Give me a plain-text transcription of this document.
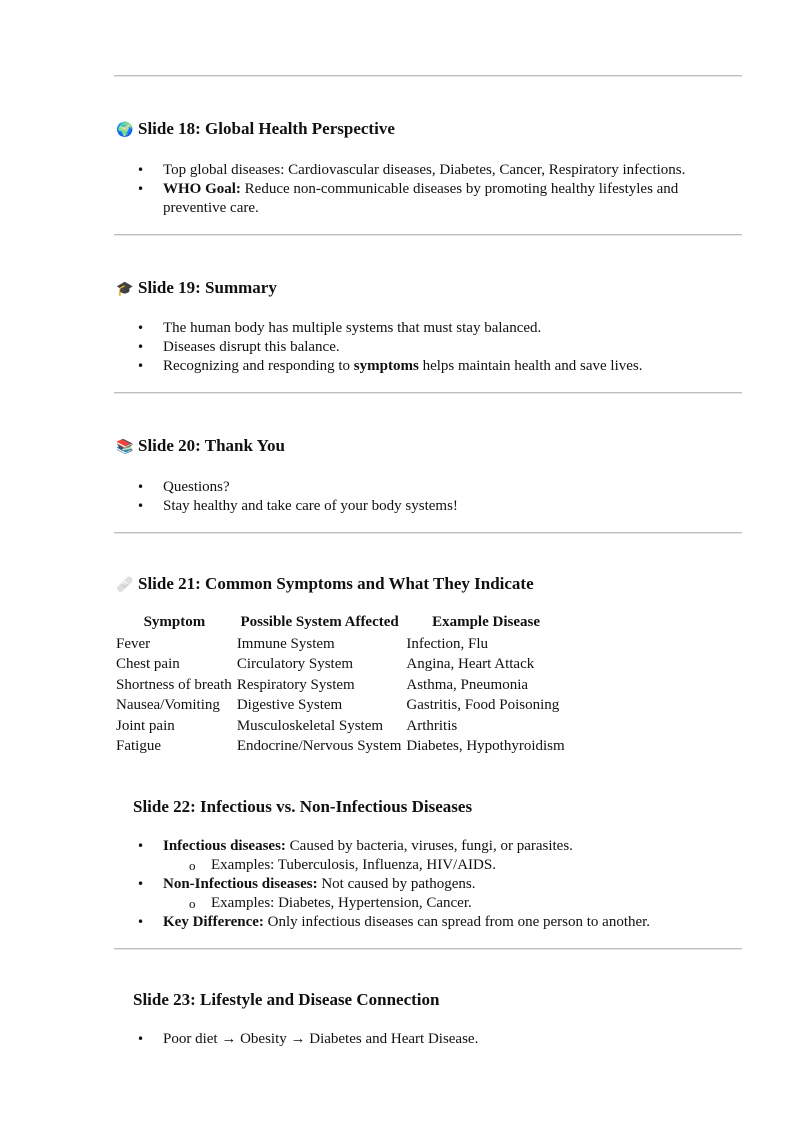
🌍 Slide 18: Global Health Perspective
• Top global diseases: Cardiovascular diseases, Diabetes, Cancer, Respiratory infections.
• WHO Goal: Reduce non-communicable diseases by promoting healthy lifestyles and preventive care.
🎓 Slide 19: Summary
• The human body has multiple systems that must stay balanced.
• Diseases disrupt this balance.
• Recognizing and responding to symptoms helps maintain health and save lives.
📚 Slide 20: Thank You
• Questions?
• Stay healthy and take care of your body systems!
🩹 Slide 21: Common Symptoms and What They Indicate
Symptom	Possible System Affected	Example Disease
Fever	Immune System	Infection, Flu
Chest pain	Circulatory System	Angina, Heart Attack
Shortness of breath	Respiratory System	Asthma, Pneumonia
Nausea/Vomiting	Digestive System	Gastritis, Food Poisoning
Joint pain	Musculoskeletal System	Arthritis
Fatigue	Endocrine/Nervous System	Diabetes, Hypothyroidism
Slide 22: Infectious vs. Non-Infectious Diseases
• Infectious diseases: Caused by bacteria, viruses, fungi, or parasites.
o Examples: Tuberculosis, Influenza, HIV/AIDS.
• Non-Infectious diseases: Not caused by pathogens.
o Examples: Diabetes, Hypertension, Cancer.
• Key Difference: Only infectious diseases can spread from one person to another.
Slide 23: Lifestyle and Disease Connection
• Poor diet → Obesity → Diabetes and Heart Disease.
